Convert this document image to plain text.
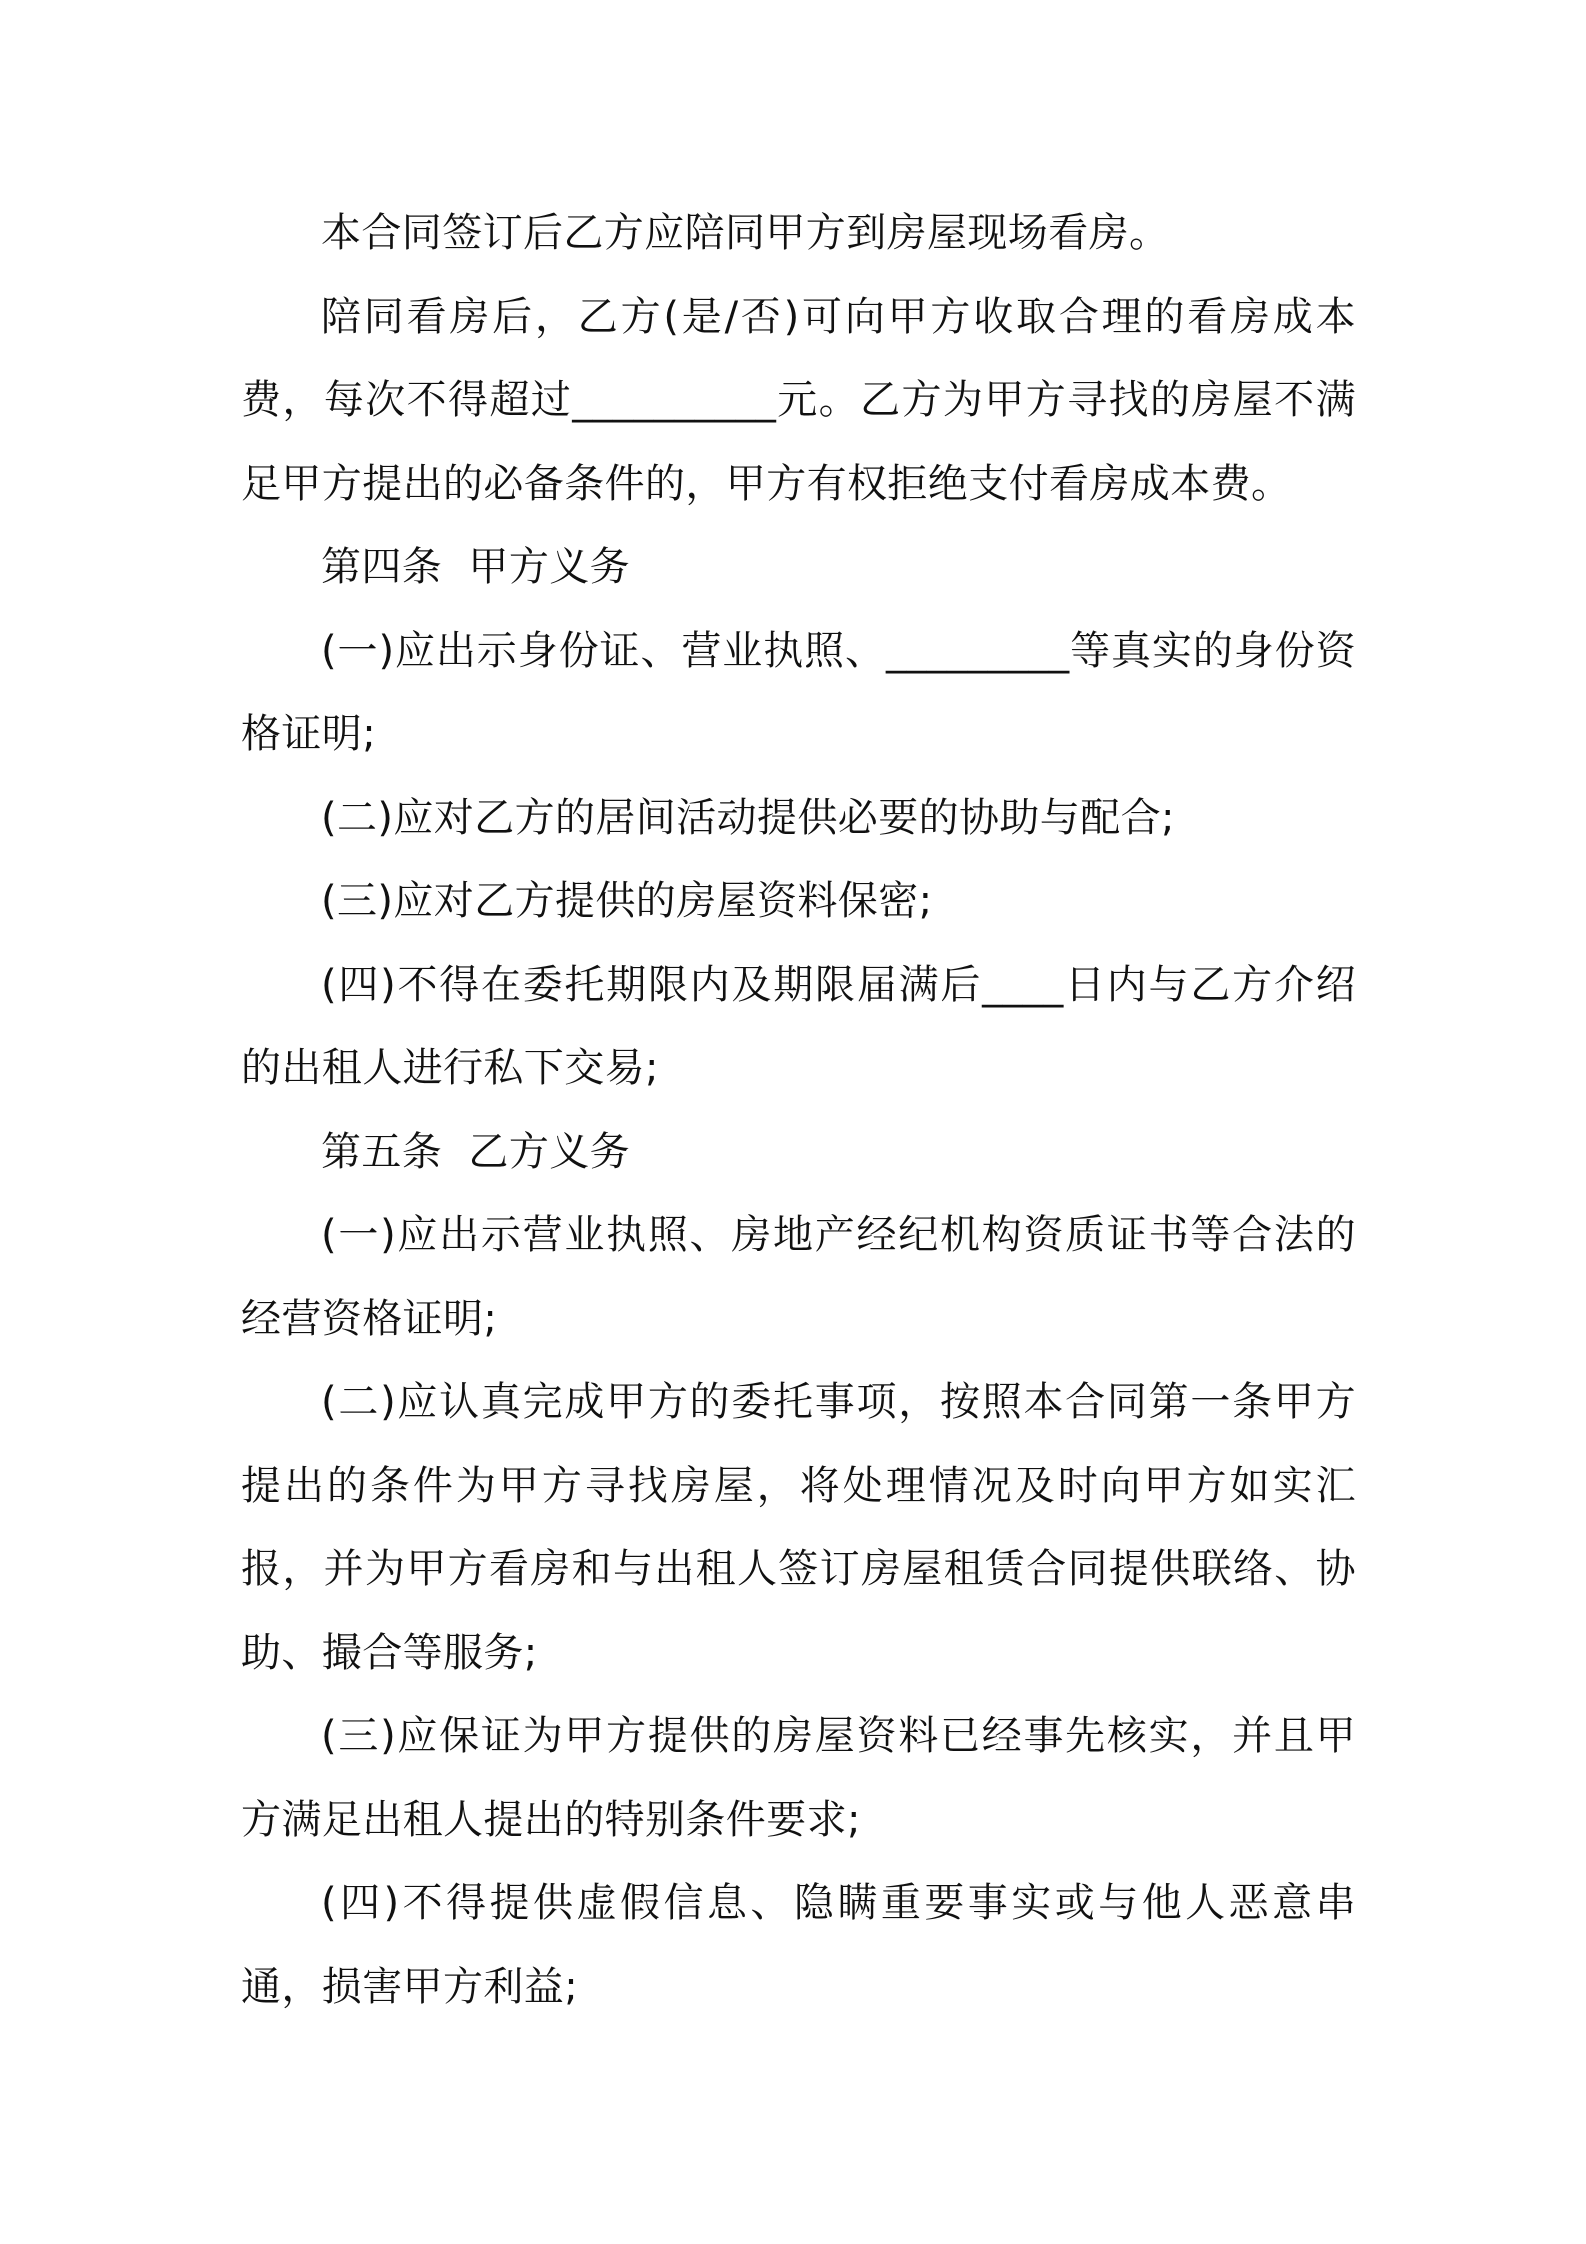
本合同签订后乙方应陪同甲方到房屋现场看房。

陪同看房后，乙方(是/否)可向甲方收取合理的看房成本费，每次不得超过__________元。乙方为甲方寻找的房屋不满足甲方提出的必备条件的，甲方有权拒绝支付看房成本费。

第四条  甲方义务

(一)应出示身份证、营业执照、_________等真实的身份资格证明;

(二)应对乙方的居间活动提供必要的协助与配合;

(三)应对乙方提供的房屋资料保密;

(四)不得在委托期限内及期限届满后____日内与乙方介绍的出租人进行私下交易;

第五条  乙方义务

(一)应出示营业执照、房地产经纪机构资质证书等合法的经营资格证明;

(二)应认真完成甲方的委托事项，按照本合同第一条甲方提出的条件为甲方寻找房屋，将处理情况及时向甲方如实汇报，并为甲方看房和与出租人签订房屋租赁合同提供联络、协助、撮合等服务;

(三)应保证为甲方提供的房屋资料已经事先核实，并且甲方满足出租人提出的特别条件要求;

(四)不得提供虚假信息、隐瞒重要事实或与他人恶意串通，损害甲方利益;
